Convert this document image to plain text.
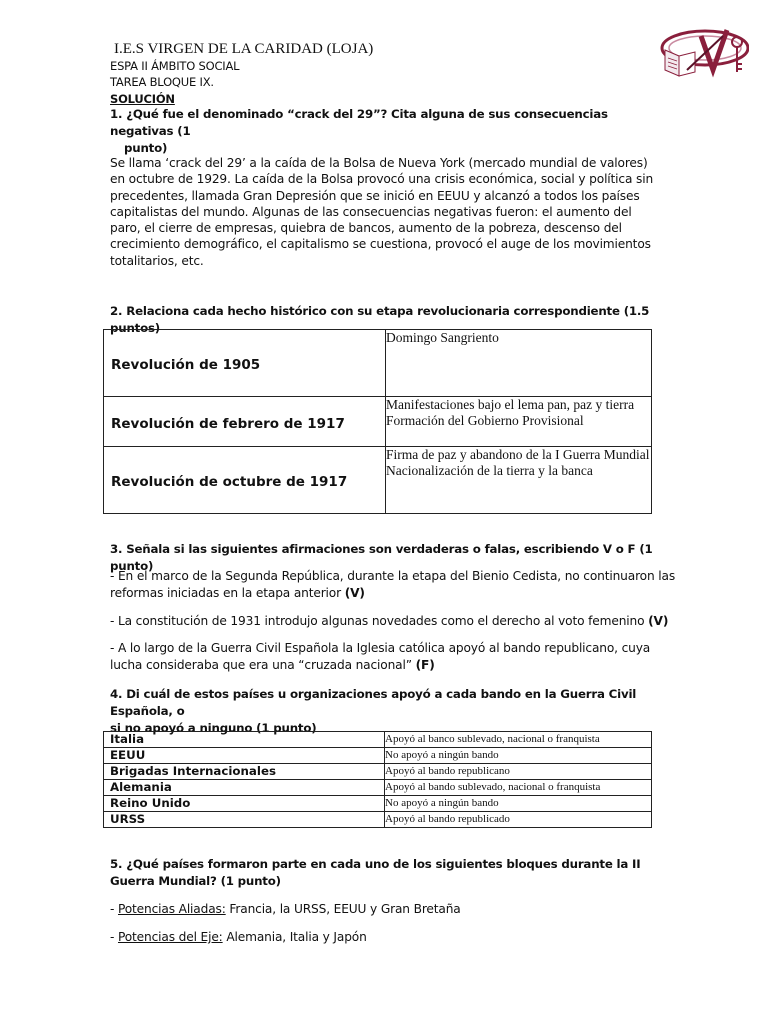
I.E.S VIRGEN DE LA CARIDAD (LOJA)
ESPA II ÁMBITO SOCIAL
TAREA BLOQUE IX.
SOLUCIÓN
1. ¿Qué fue el denominado “crack del 29”? Cita alguna de sus consecuencias negativas (1
punto)
Se llama ‘crack del 29’ a la caída de la Bolsa de Nueva York (mercado mundial de valores) en octubre de 1929. La caída de la Bolsa provocó una crisis económica, social y política sin precedentes, llamada Gran Depresión que se inició en EEUU y alcanzó a todos los países capitalistas del mundo. Algunas de las consecuencias negativas fueron: el aumento del paro, el cierre de empresas, quiebra de bancos, aumento de la pobreza, descenso del crecimiento demográfico, el capitalismo se cuestiona, provocó el auge de los movimientos totalitarios, etc.
2. Relaciona cada hecho histórico con su etapa revolucionaria correspondiente (1.5 puntos)
Revolución de 1905	Domingo Sangriento

Revolución de febrero de 1917	Manifestaciones bajo el lema pan, paz y tierra
Formación del Gobierno Provisional

Revolución de octubre de 1917	Firma de paz y abandono de la I Guerra Mundial
Nacionalización de la tierra y la banca
3. Señala si las siguientes afirmaciones son verdaderas o falas, escribiendo V o F (1 punto)
- En el marco de la Segunda República, durante la etapa del Bienio Cedista, no continuaron las
reformas iniciadas en la etapa anterior (V)
- La constitución de 1931 introdujo algunas novedades como el derecho al voto femenino (V)
- A lo largo de la Guerra Civil Española la Iglesia católica apoyó al bando republicano, cuya
lucha consideraba que era una “cruzada nacional” (F)
4. Di cuál de estos países u organizaciones apoyó a cada bando en la Guerra Civil Española, o
si no apoyó a ninguno (1 punto)
Italia	Apoyó al banco sublevado, nacional o franquista
EEUU	No apoyó a ningún bando
Brigadas Internacionales	Apoyó al bando republicano
Alemania	Apoyó al bando sublevado, nacional o franquista
Reino Unido	No apoyó a ningún bando
URSS	Apoyó al bando republicado
5. ¿Qué países formaron parte en cada uno de los siguientes bloques durante la II
Guerra Mundial? (1 punto)
- Potencias Aliadas: Francia, la URSS, EEUU y Gran Bretaña
- Potencias del Eje: Alemania, Italia y Japón
